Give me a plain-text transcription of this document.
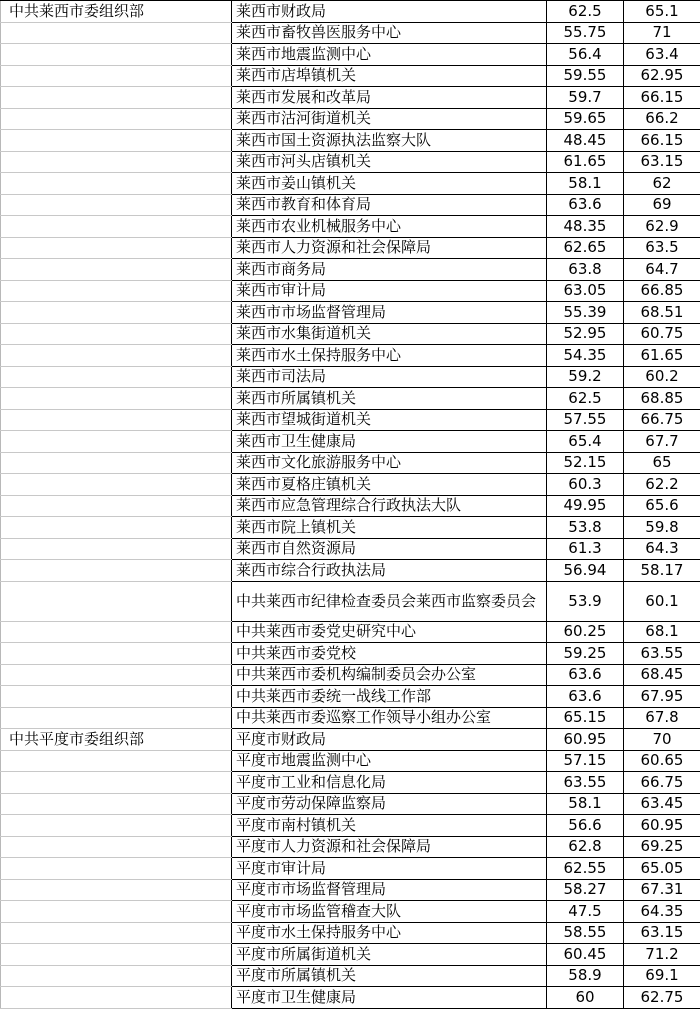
中共莱西市委组织部	莱西市财政局	62.5	65.1
	莱西市畜牧兽医服务中心	55.75	71
	莱西市地震监测中心	56.4	63.4
	莱西市店埠镇机关	59.55	62.95
	莱西市发展和改革局	59.7	66.15
	莱西市沽河街道机关	59.65	66.2
	莱西市国土资源执法监察大队	48.45	66.15
	莱西市河头店镇机关	61.65	63.15
	莱西市姜山镇机关	58.1	62
	莱西市教育和体育局	63.6	69
	莱西市农业机械服务中心	48.35	62.9
	莱西市人力资源和社会保障局	62.65	63.5
	莱西市商务局	63.8	64.7
	莱西市审计局	63.05	66.85
	莱西市市场监督管理局	55.39	68.51
	莱西市水集街道机关	52.95	60.75
	莱西市水土保持服务中心	54.35	61.65
	莱西市司法局	59.2	60.2
	莱西市所属镇机关	62.5	68.85
	莱西市望城街道机关	57.55	66.75
	莱西市卫生健康局	65.4	67.7
	莱西市文化旅游服务中心	52.15	65
	莱西市夏格庄镇机关	60.3	62.2
	莱西市应急管理综合行政执法大队	49.95	65.6
	莱西市院上镇机关	53.8	59.8
	莱西市自然资源局	61.3	64.3
	莱西市综合行政执法局	56.94	58.17
	中共莱西市纪律检查委员会莱西市监察委员会	53.9	60.1
	中共莱西市委党史研究中心	60.25	68.1
	中共莱西市委党校	59.25	63.55
	中共莱西市委机构编制委员会办公室	63.6	68.45
	中共莱西市委统一战线工作部	63.6	67.95
	中共莱西市委巡察工作领导小组办公室	65.15	67.8
中共平度市委组织部	平度市财政局	60.95	70
	平度市地震监测中心	57.15	60.65
	平度市工业和信息化局	63.55	66.75
	平度市劳动保障监察局	58.1	63.45
	平度市南村镇机关	56.6	60.95
	平度市人力资源和社会保障局	62.8	69.25
	平度市审计局	62.55	65.05
	平度市市场监督管理局	58.27	67.31
	平度市市场监管稽查大队	47.5	64.35
	平度市水土保持服务中心	58.55	63.15
	平度市所属街道机关	60.45	71.2
	平度市所属镇机关	58.9	69.1
	平度市卫生健康局	60	62.75
